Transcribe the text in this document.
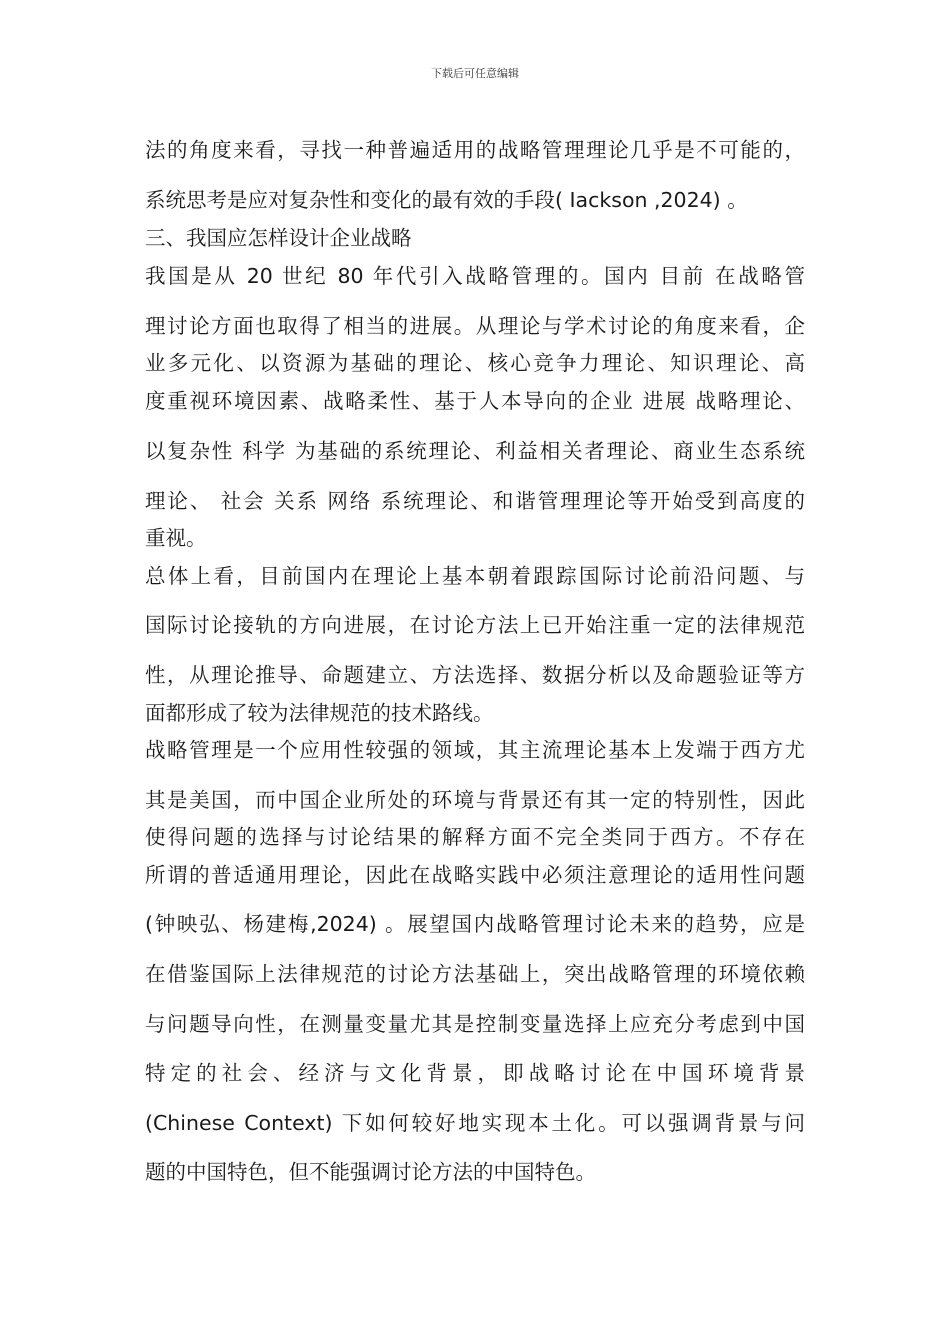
下载后可任意编辑
法的角度来看，寻找一种普遍适用的战略管理理论几乎是不可能的，
系统思考是应对复杂性和变化的最有效的手段( Iackson ,2024) 。
三、我国应怎样设计企业战略
我国是从 20 世纪 80 年代引入战略管理的。国内 目前 在战略管
理讨论方面也取得了相当的进展。从理论与学术讨论的角度来看，企
业多元化、以资源为基础的理论、核心竞争力理论、知识理论、高
度重视环境因素、战略柔性、基于人本导向的企业 进展 战略理论、
以复杂性 科学 为基础的系统理论、利益相关者理论、商业生态系统
理论、 社会 关系 网络 系统理论、和谐管理理论等开始受到高度的
重视。
总体上看，目前国内在理论上基本朝着跟踪国际讨论前沿问题、与
国际讨论接轨的方向进展，在讨论方法上已开始注重一定的法律规范
性，从理论推导、命题建立、方法选择、数据分析以及命题验证等方
面都形成了较为法律规范的技术路线。
战略管理是一个应用性较强的领域，其主流理论基本上发端于西方尤
其是美国，而中国企业所处的环境与背景还有其一定的特别性，因此
使得问题的选择与讨论结果的解释方面不完全类同于西方。不存在
所谓的普适通用理论，因此在战略实践中必须注意理论的适用性问题
(钟映弘、杨建梅,2024) 。展望国内战略管理讨论未来的趋势，应是
在借鉴国际上法律规范的讨论方法基础上，突出战略管理的环境依赖
与问题导向性，在测量变量尤其是控制变量选择上应充分考虑到中国
特定的社会、经济与文化背景，即战略讨论在中国环境背景
(Chinese Context) 下如何较好地实现本土化。可以强调背景与问
题的中国特色，但不能强调讨论方法的中国特色。
